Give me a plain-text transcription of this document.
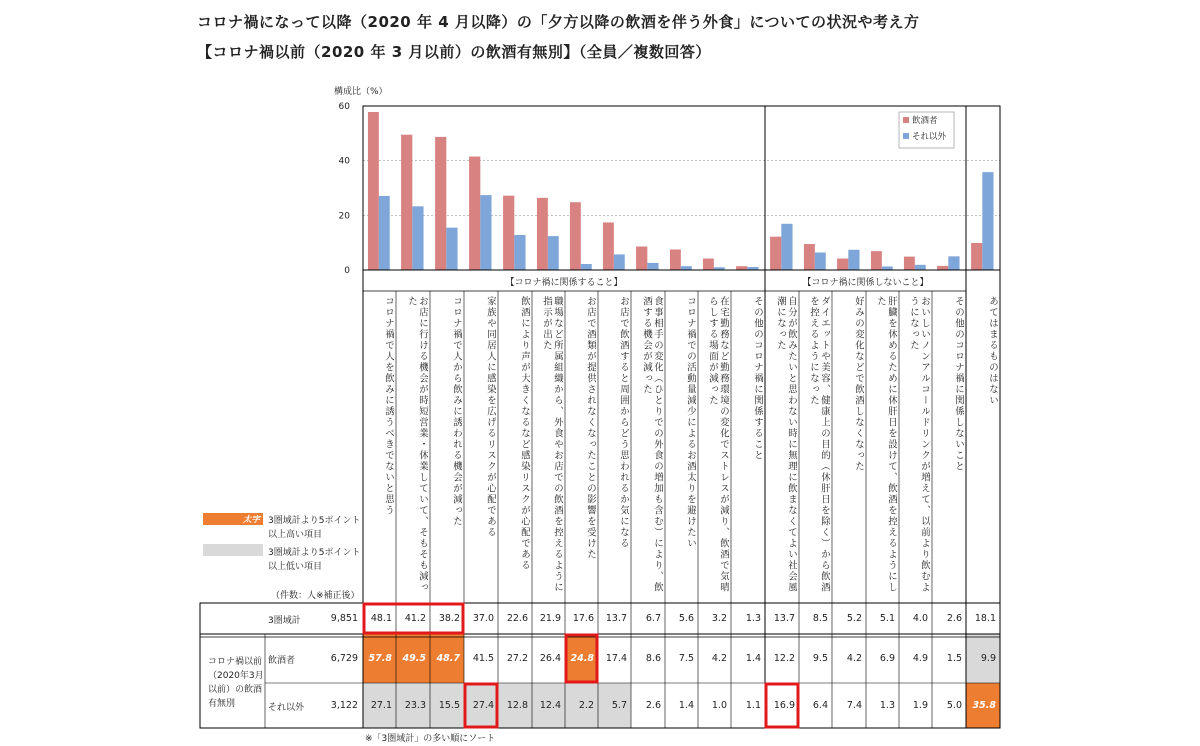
コロナ禍になって以降（2020 年 4 月以降）の「夕方以降の飲酒を伴う外食」についての状況や考え方
【コロナ禍以前（2020 年 3 月以前）の飲酒有無別】（全員／複数回答）
0
20
40
60
構成比（%）
飲酒者
それ以外
【コロナ禍に関係すること】	【コロナ禍に関係しないこと】
コロナ禍で人を飲みに誘うべきでないと思う	お店に行ける機会が時短営業・休業していて、そもそも減った	コロナ禍で人から飲みに誘われる機会が減った	家族や同居人に感染を広げるリスクが心配である	飲酒により声が大きくなるなど感染リスクが心配である	職場など所属組織から、外食やお店での飲酒を控えるように指示が出た	お店で酒類が提供されなくなったことの影響を受けた	お店で飲酒すると周囲からどう思われるか気になる	食事相手の変化（ひとりでの外食の増加も含む）により、飲酒する機会が減った	コロナ禍での活動量減少によるお酒太りを避けたい	在宅勤務など勤務環境の変化でストレスが減り、飲酒で気晴らしする場面が減った	その他のコロナ禍に関係すること	自分が飲みたいと思わない時に無理に飲まなくてよい社会風潮になった	ダイエットや美容、健康上の目的（休肝日を除く）から飲酒を控えるようになった	好みの変化などで飲酒しなくなった	肝臓を休めるために休肝日を設けて、飲酒を控えるようにした	おいしいノンアルコールドリンクが増えて、以前より飲むようになった	その他のコロナ禍に関係しないこと	あてはまるものはない
太字 3圏域計より5ポイント
以上高い項目
3圏域計より5ポイント
以上低い項目
（件数：人※補正後）
コロナ禍以前
（2020年3月
以前）の飲酒
有無別
※「3圏域計」の多い順にソート
3圏域計	9,851	48.1	41.2	38.2	37.0	22.6	21.9	17.6	13.7	6.7	5.6	3.2	1.3	13.7	8.5	5.2	5.1	4.0	2.6	18.1
飲酒者	6,729	57.8	49.5	48.7	41.5	27.2	26.4	24.8	17.4	8.6	7.5	4.2	1.4	12.2	9.5	4.2	6.9	4.9	1.5	9.9
それ以外	3,122	27.1	23.3	15.5	27.4	12.8	12.4	2.2	5.7	2.6	1.4	1.0	1.1	16.9	6.4	7.4	1.3	1.9	5.0	35.8
